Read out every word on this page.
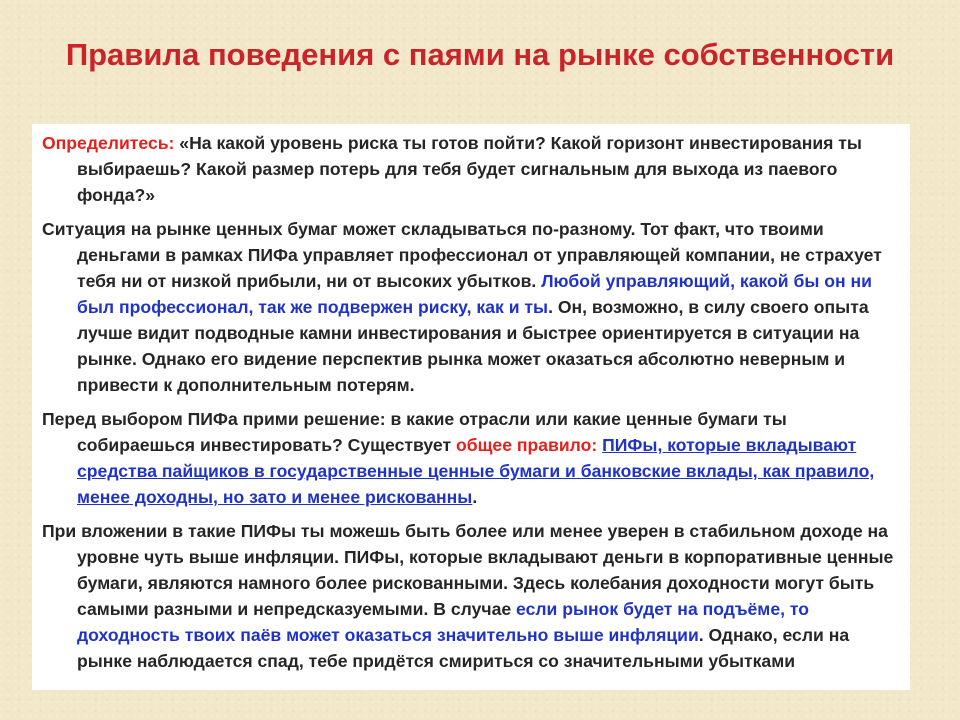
Правила поведения с паями на рынке собственности

Определитесь: «На какой уровень риска ты готов пойти? Какой горизонт инвестирования ты выбираешь? Какой размер потерь для тебя будет сигнальным для выхода из паевого фонда?»

Ситуация на рынке ценных бумаг может складываться по-разному. Тот факт, что твоими деньгами в рамках ПИФа управляет профессионал от управляющей компании, не страхует тебя ни от низкой прибыли, ни от высоких убытков. Любой управляющий, какой бы он ни был профессионал, так же подвержен риску, как и ты. Он, возможно, в силу своего опыта лучше видит подводные камни инвестирования и быстрее ориентируется в ситуации на рынке. Однако его видение перспектив рынка может оказаться абсолютно неверным и привести к дополнительным потерям.

Перед выбором ПИФа прими решение: в какие отрасли или какие ценные бумаги ты собираешься инвестировать? Существует общее правило: ПИФы, которые вкладывают средства пайщиков в государственные ценные бумаги и банковские вклады, как правило, менее доходны, но зато и менее рискованны.

При вложении в такие ПИФы ты можешь быть более или менее уверен в стабильном доходе на уровне чуть выше инфляции. ПИФы, которые вкладывают деньги в корпоративные ценные бумаги, являются намного более рискованными. Здесь колебания доходности могут быть самыми разными и непредсказуемыми. В случае если рынок будет на подъёме, то доходность твоих паёв может оказаться значительно выше инфляции. Однако, если на рынке наблюдается спад, тебе придётся смириться со значительными убытками
